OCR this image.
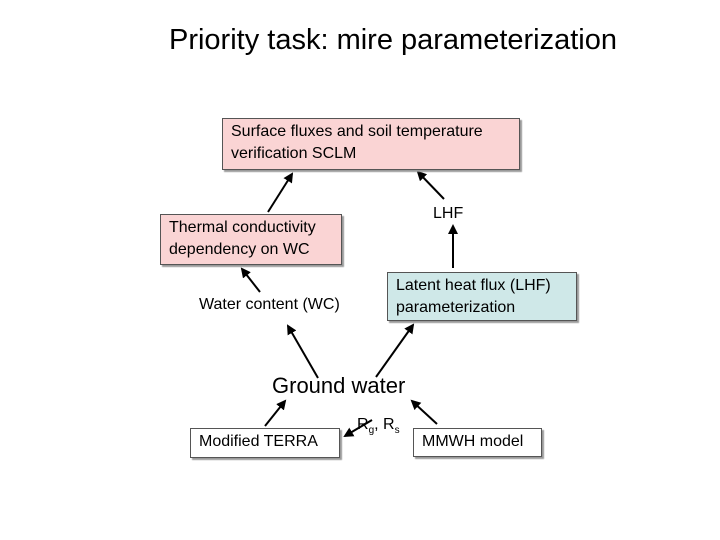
Priority task: mire parameterization
Surface fluxes and soil temperature verification SCLM
Thermal conductivity dependency on WC
Latent heat flux (LHF) parameterization
Modified TERRA	MMWH model
LHF
Water content (WC)
Ground water
$R_g$, $R_s$
